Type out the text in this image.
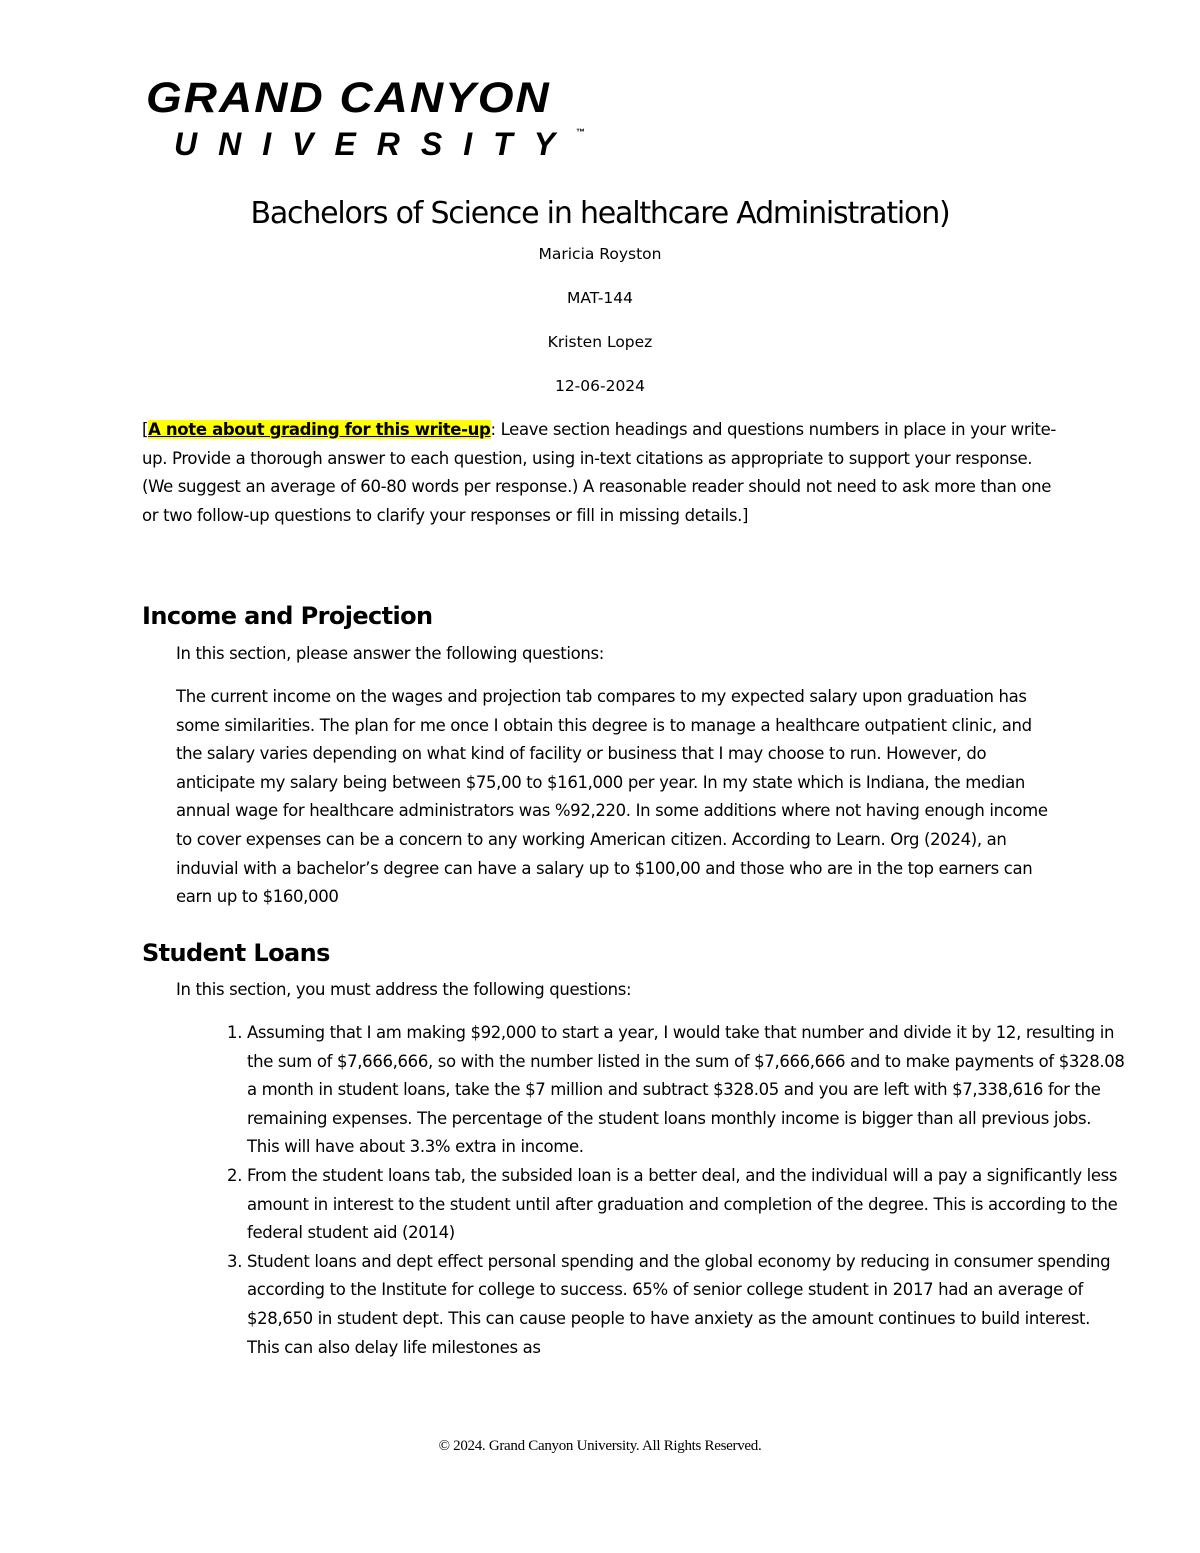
GRAND CANYON
UNIVERSITY™
Bachelors of Science in healthcare Administration)
Maricia Royston
MAT-144
Kristen Lopez
12-06-2024
[A note about grading for this write-up: Leave section headings and questions numbers in place in your write-up. Provide a thorough answer to each question, using in-text citations as appropriate to support your response. (We suggest an average of 60-80 words per response.) A reasonable reader should not need to ask more than one or two follow-up questions to clarify your responses or fill in missing details.]
Income and Projection
In this section, please answer the following questions:
The current income on the wages and projection tab compares to my expected salary upon graduation has some similarities. The plan for me once I obtain this degree is to manage a healthcare outpatient clinic, and the salary varies depending on what kind of facility or business that I may choose to run. However, do anticipate my salary being between $75,00 to $161,000 per year. In my state which is Indiana, the median annual wage for healthcare administrators was %92,220. In some additions where not having enough income to cover expenses can be a concern to any working American citizen. According to Learn. Org (2024), an induvial with a bachelor’s degree can have a salary up to $100,00 and those who are in the top earners can earn up to $160,000
Student Loans
In this section, you must address the following questions:
1. Assuming that I am making $92,000 to start a year, I would take that number and divide it by 12, resulting in the sum of $7,666,666, so with the number listed in the sum of $7,666,666 and to make payments of $328.08 a month in student loans, take the $7 million and subtract $328.05 and you are left with $7,338,616 for the remaining expenses. The percentage of the student loans monthly income is bigger than all previous jobs. This will have about 3.3% extra in income.
2. From the student loans tab, the subsided loan is a better deal, and the individual will a pay a significantly less amount in interest to the student until after graduation and completion of the degree. This is according to the federal student aid (2014)
3. Student loans and dept effect personal spending and the global economy by reducing in consumer spending according to the Institute for college to success. 65% of senior college student in 2017 had an average of $28,650 in student dept. This can cause people to have anxiety as the amount continues to build interest. This can also delay life milestones as
© 2024. Grand Canyon University. All Rights Reserved.
